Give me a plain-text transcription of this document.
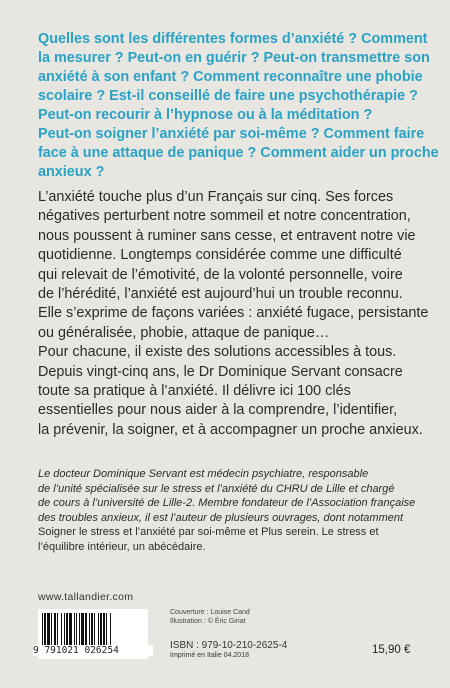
Quelles sont les différentes formes d’anxiété ? Comment
la mesurer ? Peut-on en guérir ? Peut-on transmettre son
anxiété à son enfant ? Comment reconnaître une phobie
scolaire ? Est-il conseillé de faire une psychothérapie ?
Peut-on recourir à l’hypnose ou à la méditation ?
Peut-on soigner l’anxiété par soi-même ? Comment faire
face à une attaque de panique ? Comment aider un proche
anxieux ?
L’anxiété touche plus d’un Français sur cinq. Ses forces
négatives perturbent notre sommeil et notre concentration,
nous poussent à ruminer sans cesse, et entravent notre vie
quotidienne. Longtemps considérée comme une difficulté
qui relevait de l’émotivité, de la volonté personnelle, voire
de l’hérédité, l’anxiété est aujourd’hui un trouble reconnu.
Elle s’exprime de façons variées : anxiété fugace, persistante
ou généralisée, phobie, attaque de panique…
Pour chacune, il existe des solutions accessibles à tous.
Depuis vingt-cinq ans, le Dr Dominique Servant consacre
toute sa pratique à l’anxiété. Il délivre ici 100 clés
essentielles pour nous aider à la comprendre, l’identifier,
la prévenir, la soigner, et à accompagner un proche anxieux.
Le docteur Dominique Servant est médecin psychiatre, responsable
de l’unité spécialisée sur le stress et l’anxiété du CHRU de Lille et chargé
de cours à l’université de Lille-2. Membre fondateur de l’Association française
des troubles anxieux, il est l’auteur de plusieurs ouvrages, dont notamment
Soigner le stress et l’anxiété par soi-même et Plus serein. Le stress et
l’équilibre intérieur, un abécédaire.
www.tallandier.com
9 791021 026254
Couverture : Louise Cand
Illustration : © Éric Giriat
ISBN : 979-10-210-2625-4
Imprimé en Italie 04.2018	15,90 €
